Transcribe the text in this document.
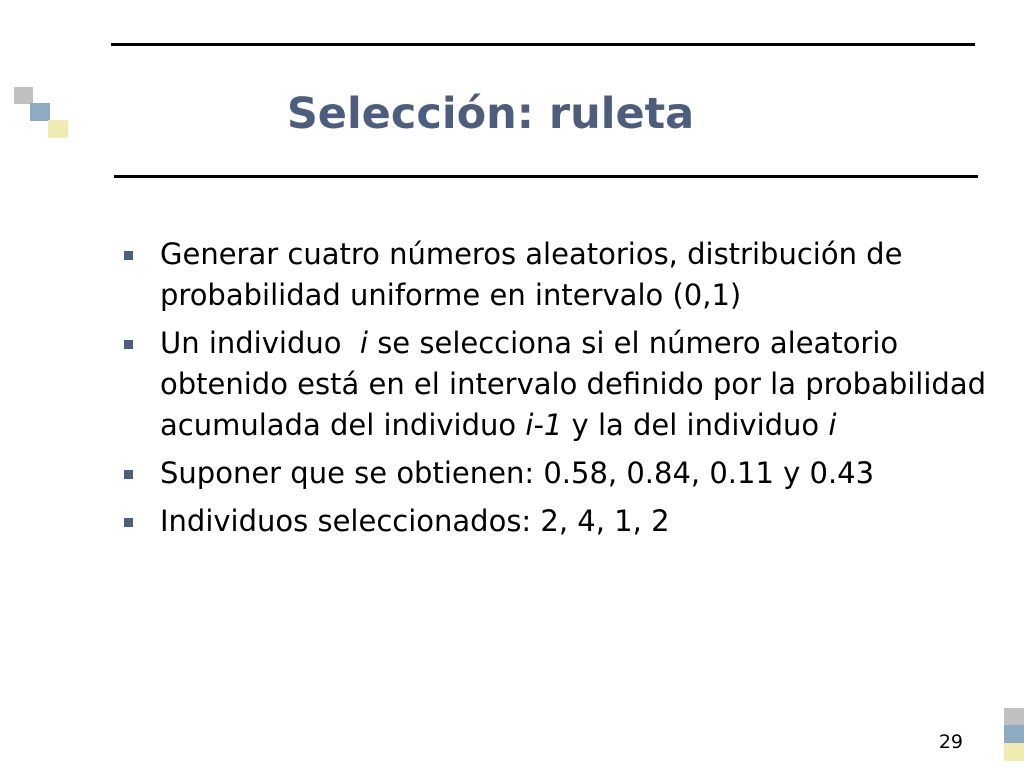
Selección: ruleta
Generar cuatro números aleatorios, distribución de probabilidad uniforme en intervalo (0,1)
Un individuo  i se selecciona si el número aleatorio obtenido está en el intervalo definido por la probabilidad acumulada del individuo i-1 y la del individuo i
Suponer que se obtienen: 0.58, 0.84, 0.11 y 0.43
Individuos seleccionados: 2, 4, 1, 2
29
